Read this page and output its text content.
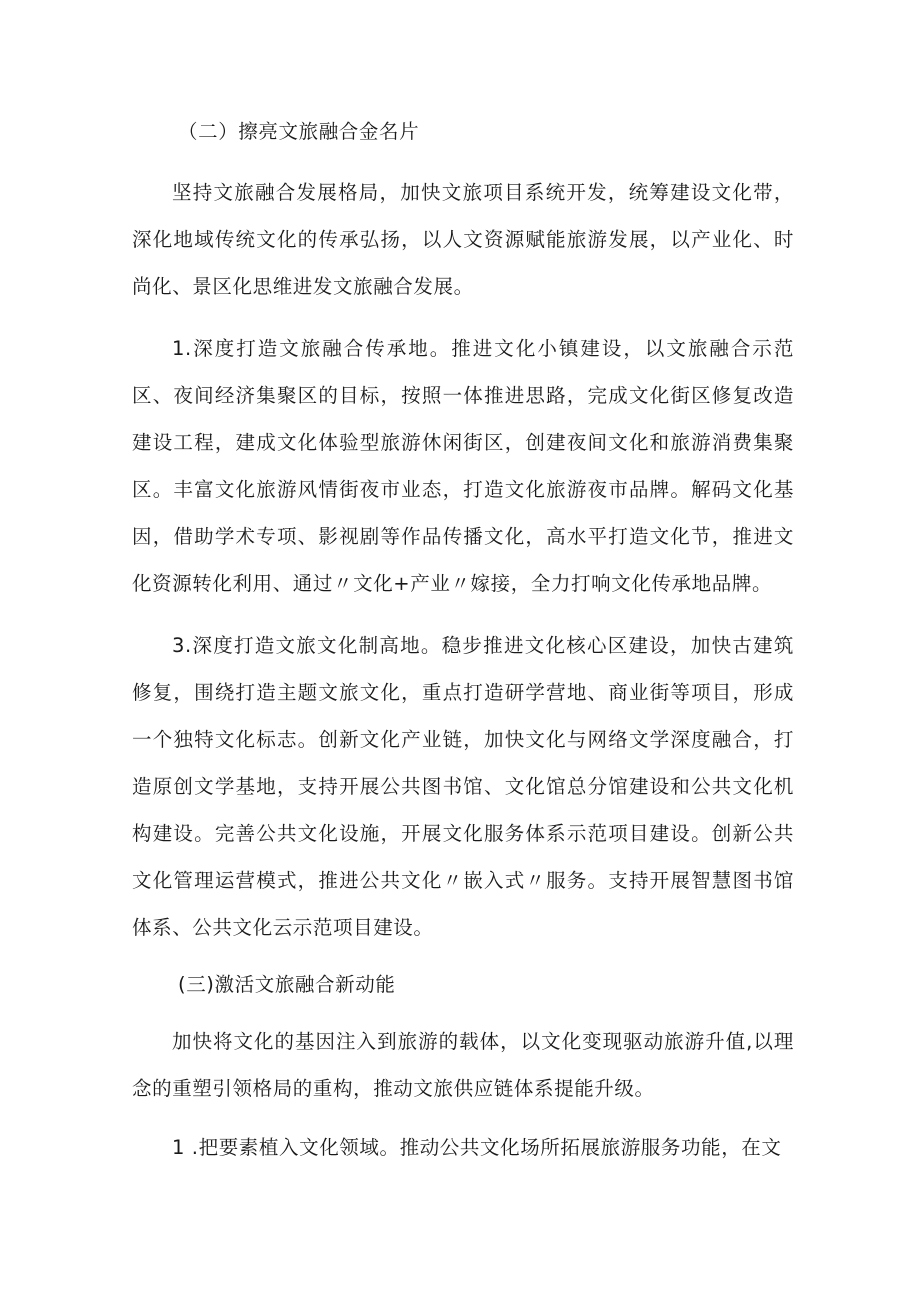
（二）擦亮文旅融合金名片

坚持文旅融合发展格局，加快文旅项目系统开发，统筹建设文化带，深化地域传统文化的传承弘扬，以人文资源赋能旅游发展，以产业化、时尚化、景区化思维进发文旅融合发展。

1.深度打造文旅融合传承地。推进文化小镇建设，以文旅融合示范区、夜间经济集聚区的目标，按照一体推进思路，完成文化街区修复改造建设工程，建成文化体验型旅游休闲街区，创建夜间文化和旅游消费集聚区。丰富文化旅游风情街夜市业态，打造文化旅游夜市品牌。解码文化基因，借助学术专项、影视剧等作品传播文化，高水平打造文化节，推进文化资源转化利用、通过〃文化+产业〃嫁接，全力打响文化传承地品牌。

3.深度打造文旅文化制高地。稳步推进文化核心区建设，加快古建筑修复，围绕打造主题文旅文化，重点打造研学营地、商业街等项目，形成一个独特文化标志。创新文化产业链，加快文化与网络文学深度融合，打造原创文学基地，支持开展公共图书馆、文化馆总分馆建设和公共文化机构建设。完善公共文化设施，开展文化服务体系示范项目建设。创新公共文化管理运营模式，推进公共文化〃嵌入式〃服务。支持开展智慧图书馆体系、公共文化云示范项目建设。

(三)激活文旅融合新动能

加快将文化的基因注入到旅游的载体，以文化变现驱动旅游升值,以理念的重塑引领格局的重构，推动文旅供应链体系提能升级。

1 .把要素植入文化领域。推动公共文化场所拓展旅游服务功能，在文
